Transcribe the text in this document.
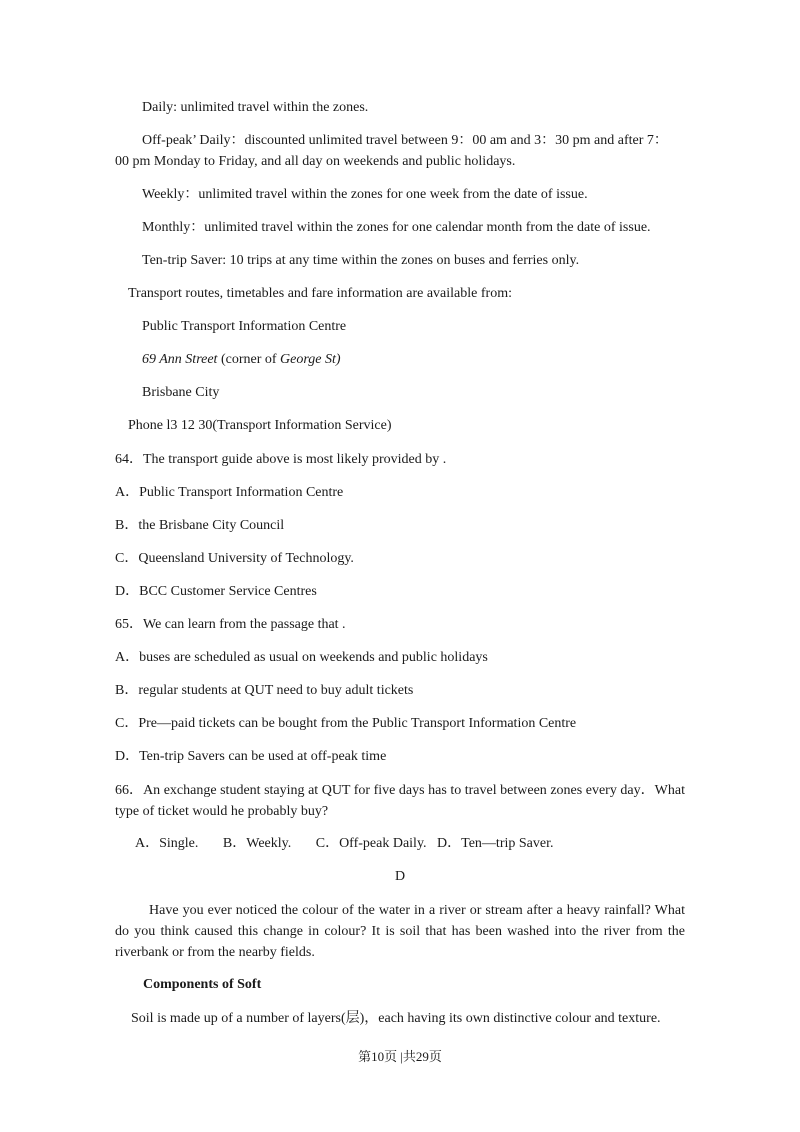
Daily: unlimited travel within the zones.
Off-peak’ Daily：discounted unlimited travel between 9：00 am and 3：30 pm and after 7：
00 pm Monday to Friday, and all day on weekends and public holidays.
Weekly：unlimited travel within the zones for one week from the date of issue.
Monthly：unlimited travel within the zones for one calendar month from the date of issue.
Ten-trip Saver: 10 trips at any time within the zones on buses and ferries only.
Transport routes, timetables and fare information are available from:
Public Transport Information Centre
69 Ann Street (corner of George St)
Brisbane City
Phone l3 12 30(Transport Information Service)
64．The transport guide above is most likely provided by .
A．Public Transport Information Centre
B．the Brisbane City Council
C．Queensland University of Technology.
D．BCC Customer Service Centres
65．We can learn from the passage that .
A．buses are scheduled as usual on weekends and public holidays
B．regular students at QUT need to buy adult tickets
C．Pre—paid tickets can be bought from the Public Transport Information Centre
D．Ten-trip Savers can be used at off-peak time
66．An exchange student staying at QUT for five days has to travel between zones every day．What type of ticket would he probably buy?
A．Single.       B．Weekly.       C．Off-peak Daily.   D．Ten—trip Saver.
D
Have you ever noticed the colour of the water in a river or stream after a heavy rainfall? What do you think caused this change in colour? It is soil that has been washed into the river from the riverbank or from the nearby fields.
Components of Soft
Soil is made up of a number of layers(层)，each having its own distinctive colour and texture.
第10页 |共29页
